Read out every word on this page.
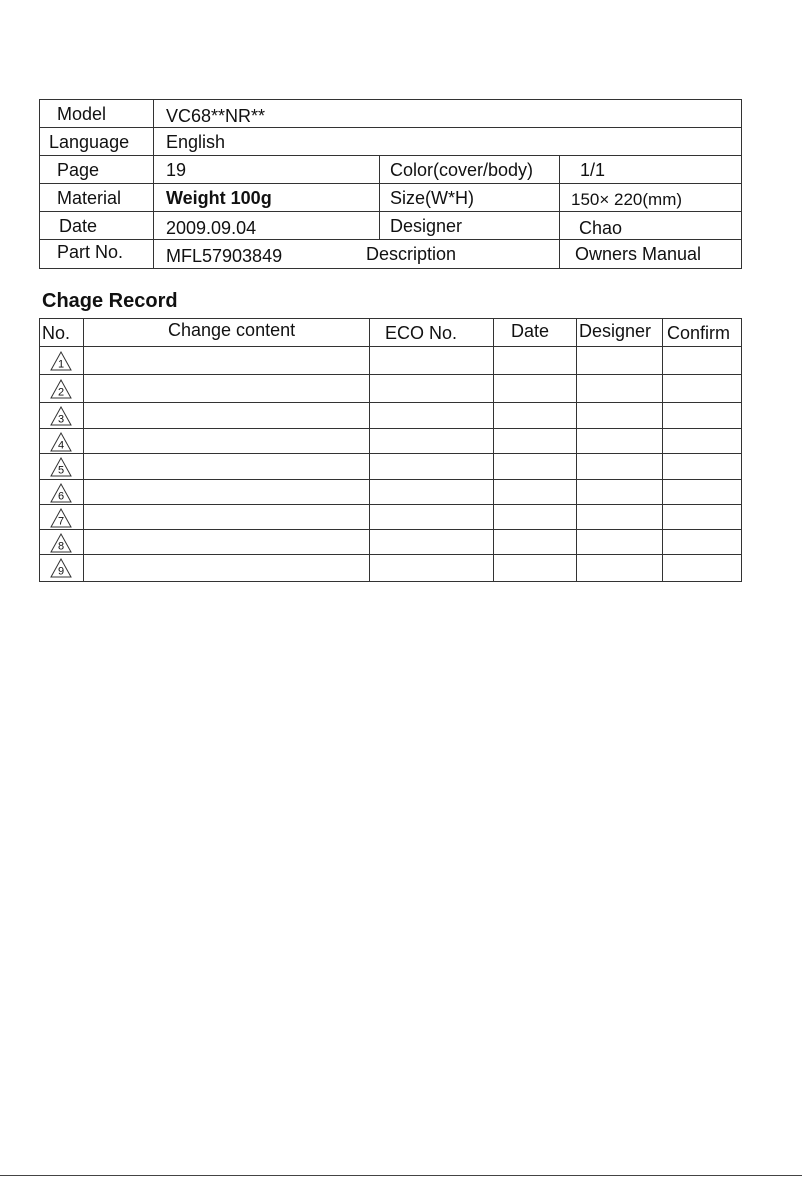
Model	VC68**NR**
Language English
Page	19	Color(cover/body)	1/1
Material Weight 100g	Size(W*H)	150× 220(mm)
Date	2009.09.04	Designer	Chao
Part No. MFL57903849	Description	Owners Manual
Chage Record
No.	Change content	ECO No.	Date Designer Confirm
1
2
3
4
5
6
7
8
9
